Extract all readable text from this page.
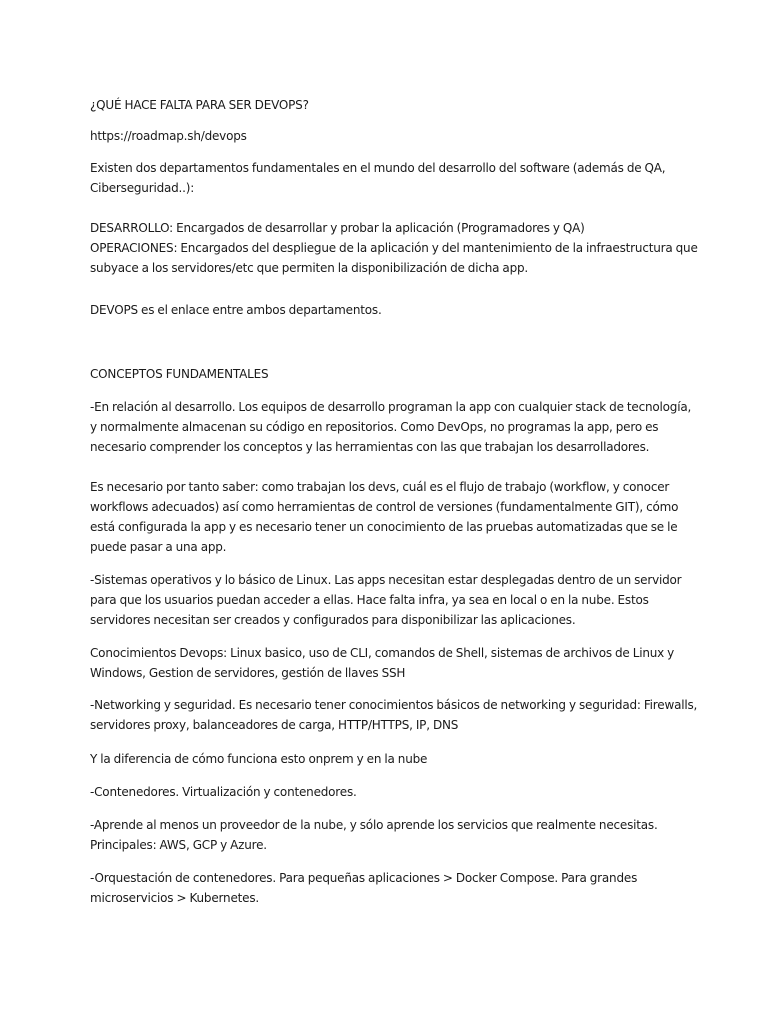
¿QUÉ HACE FALTA PARA SER DEVOPS?
https://roadmap.sh/devops
Existen dos departamentos fundamentales en el mundo del desarrollo del software (además de QA,
Ciberseguridad..):
DESARROLLO: Encargados de desarrollar y probar la aplicación (Programadores y QA)
OPERACIONES: Encargados del despliegue de la aplicación y del mantenimiento de la infraestructura que
subyace a los servidores/etc que permiten la disponibilización de dicha app.
DEVOPS es el enlace entre ambos departamentos.
CONCEPTOS FUNDAMENTALES
-En relación al desarrollo. Los equipos de desarrollo programan la app con cualquier stack de tecnología,
y normalmente almacenan su código en repositorios. Como DevOps, no programas la app, pero es
necesario comprender los conceptos y las herramientas con las que trabajan los desarrolladores.
Es necesario por tanto saber: como trabajan los devs, cuál es el flujo de trabajo (workflow, y conocer
workflows adecuados) así como herramientas de control de versiones (fundamentalmente GIT), cómo
está configurada la app y es necesario tener un conocimiento de las pruebas automatizadas que se le
puede pasar a una app.
-Sistemas operativos y lo básico de Linux. Las apps necesitan estar desplegadas dentro de un servidor
para que los usuarios puedan acceder a ellas. Hace falta infra, ya sea en local o en la nube. Estos
servidores necesitan ser creados y configurados para disponibilizar las aplicaciones.
Conocimientos Devops: Linux basico, uso de CLI, comandos de Shell, sistemas de archivos de Linux y
Windows, Gestion de servidores, gestión de llaves SSH
-Networking y seguridad. Es necesario tener conocimientos básicos de networking y seguridad: Firewalls,
servidores proxy, balanceadores de carga, HTTP/HTTPS, IP, DNS
Y la diferencia de cómo funciona esto onprem y en la nube
-Contenedores. Virtualización y contenedores.
-Aprende al menos un proveedor de la nube, y sólo aprende los servicios que realmente necesitas.
Principales: AWS, GCP y Azure.
-Orquestación de contenedores. Para pequeñas aplicaciones > Docker Compose. Para grandes
microservicios > Kubernetes.
